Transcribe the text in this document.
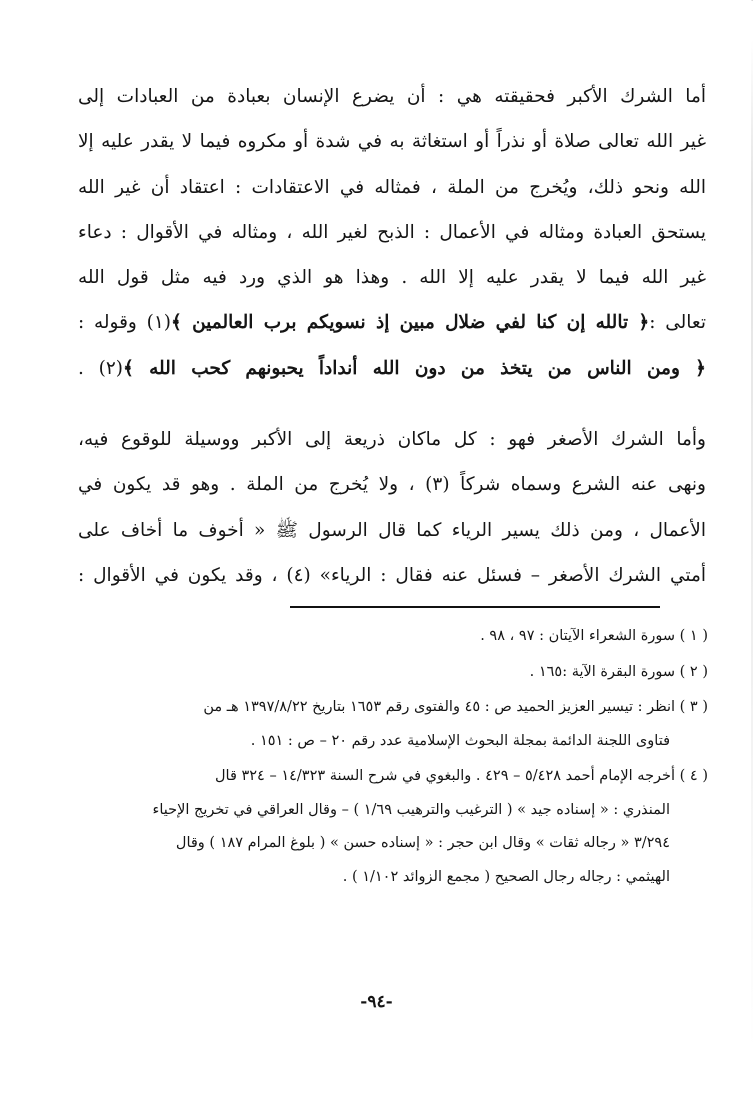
أما الشرك الأكبر فحقيقته هي : أن يضرع الإنسان بعبادة من العبادات إلى
غير الله تعالى صلاة أو نذراً أو استغاثة به في شدة أو مكروه فيما لا يقدر عليه إلا
الله ونحو ذلك، ويُخرج من الملة ، فمثاله في الاعتقادات : اعتقاد أن غير الله
يستحق العبادة ومثاله في الأعمال : الذبح لغير الله ، ومثاله في الأقوال : دعاء
غير الله فيما لا يقدر عليه إلا الله . وهذا هو الذي ورد فيه مثل قول الله
تعالى :﴿ تالله إن كنا لفي ضلال مبين إذ نسويكم برب العالمين ﴾(١) وقوله :
﴿ ومن الناس من يتخذ من دون الله أنداداً يحبونهم كحب الله ﴾(٢) .
وأما الشرك الأصغر فهو : كل ماكان ذريعة إلى الأكبر ووسيلة للوقوع فيه،
ونهى عنه الشرع وسماه شركاً (٣) ، ولا يُخرج من الملة . وهو قد يكون في
الأعمال ، ومن ذلك يسير الرياء كما قال الرسول ﷺ « أخوف ما أخاف على
أمتي الشرك الأصغر – فسئل عنه فقال : الرياء» (٤) ، وقد يكون في الأقوال :
( ١ ) سورة الشعراء الآيتان : ٩٧ ، ٩٨ .
( ٢ ) سورة البقرة الآية :١٦٥ .
( ٣ ) انظر : تيسير العزيز الحميد ص : ٤٥ والفتوى رقم ١٦٥٣ بتاريخ ١٣٩٧/٨/٢٢ هـ من
فتاوى اللجنة الدائمة بمجلة البحوث الإسلامية عدد رقم ٢٠ – ص : ١٥١ .
( ٤ ) أخرجه الإمام أحمد ٥/٤٢٨ – ٤٢٩ . والبغوي في شرح السنة ١٤/٣٢٣ – ٣٢٤ قال
المنذري : « إسناده جيد » ( الترغيب والترهيب ١/٦٩ ) – وقال العراقي في تخريج الإحياء
٣/٢٩٤ « رجاله ثقات » وقال ابن حجر : « إسناده حسن » ( بلوغ المرام ١٨٧ ) وقال
الهيثمي : رجاله رجال الصحيح ( مجمع الزوائد ١/١٠٢ ) .
-٩٤-
